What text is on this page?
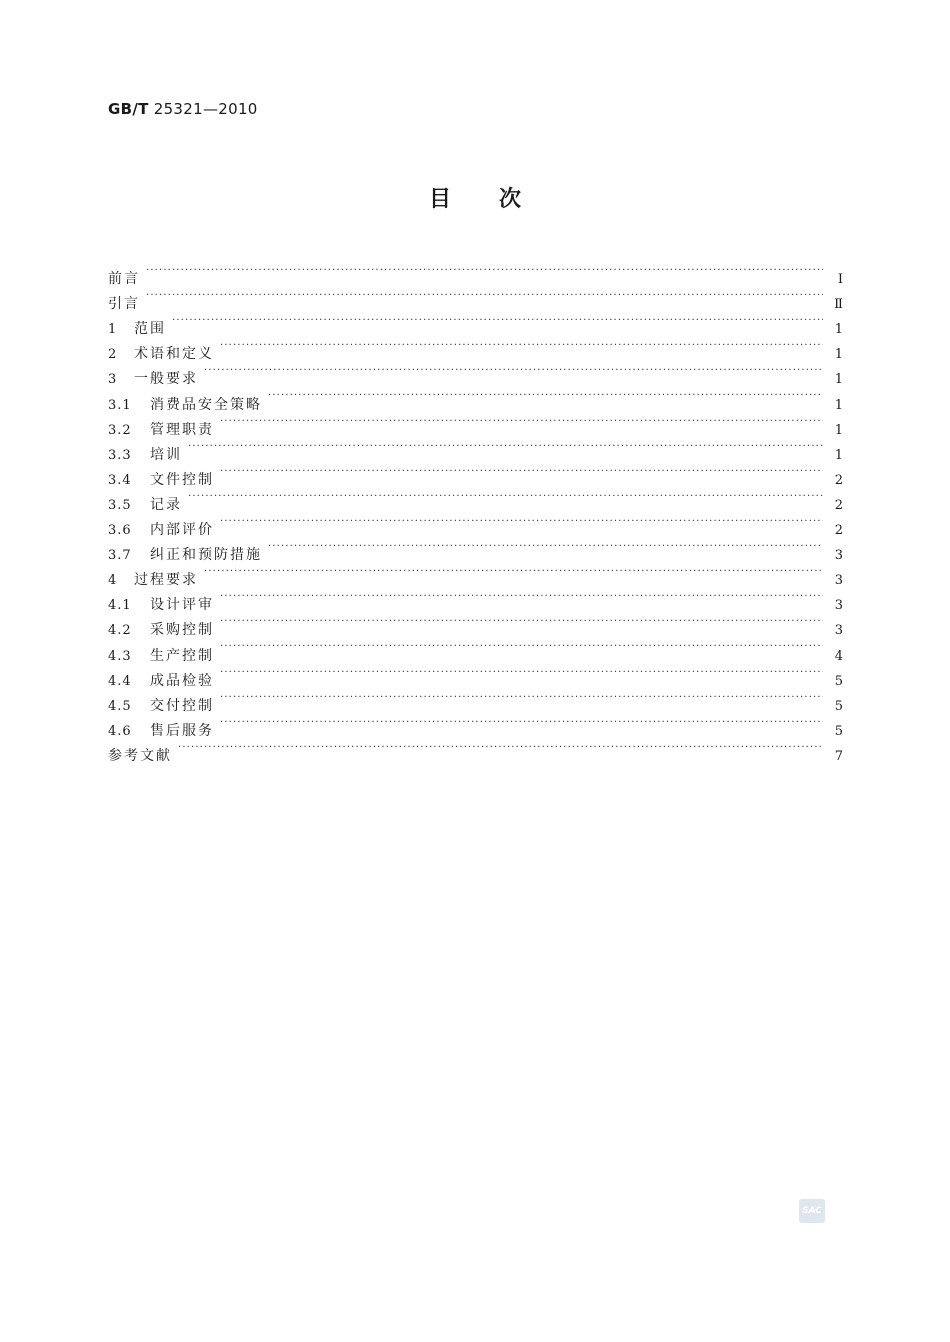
GB/T 25321—2010
目 次
前言 ·····	Ⅰ
引言 ·····	Ⅱ
1	范围 ·····	1
2	术语和定义 ·····	1
3	一般要求 ·····	1
3.1	消费品安全策略 ·····	1
3.2	管理职责 ·····	1
3.3	培训 ·····	1
3.4	文件控制 ·····	2
3.5	记录 ·····	2
3.6	内部评价 ·····	2
3.7	纠正和预防措施 ·····	3
4	过程要求 ·····	3
4.1	设计评审 ·····	3
4.2	采购控制 ·····	3
4.3	生产控制 ·····	4
4.4	成品检验 ·····	5
4.5	交付控制 ·····	5
4.6	售后服务 ·····	5
参考文献 ·····	7
SAC
